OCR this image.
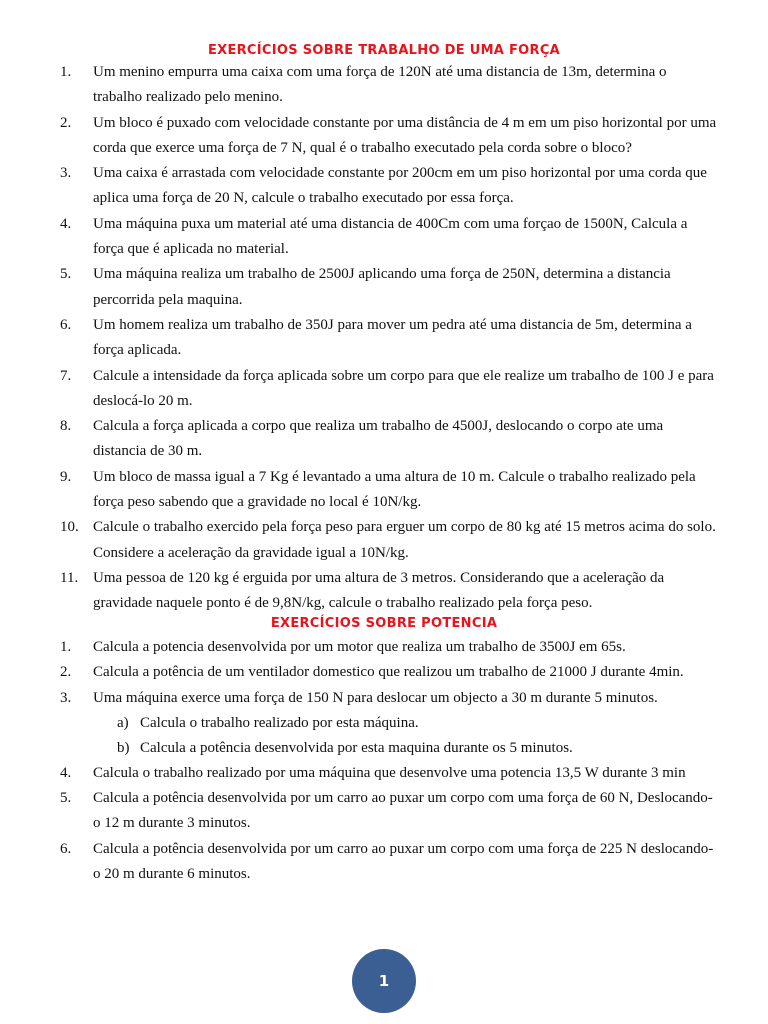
EXERCÍCIOS SOBRE TRABALHO DE UMA FORÇA
1.	Um menino empurra uma caixa com uma força de 120N até uma distancia de 13m, determina o trabalho realizado pelo menino.
2.	Um bloco é puxado com velocidade constante por uma distância de 4 m em um piso horizontal por uma corda que exerce uma força de 7 N, qual é o trabalho executado pela corda sobre o bloco?
3.	Uma caixa é arrastada com velocidade constante por 200cm em um piso horizontal por uma corda que aplica uma força de 20 N, calcule o trabalho executado por essa força.
4.	Uma máquina puxa um material até uma distancia de 400Cm com uma forçao de 1500N, Calcula a força que é aplicada no material.
5.	Uma máquina realiza um trabalho de 2500J aplicando uma força de 250N, determina a distancia percorrida pela maquina.
6.	Um homem realiza um trabalho de 350J para mover um pedra até uma distancia de 5m, determina a força aplicada.
7.	Calcule a intensidade da força aplicada sobre um corpo para que ele realize um trabalho de 100 J e para deslocá-lo 20 m.
8.	Calcula a força aplicada a corpo que realiza um trabalho de 4500J, deslocando o corpo ate uma distancia de 30 m.
9.	Um bloco de massa igual a 7 Kg é levantado a uma altura de 10 m. Calcule o trabalho realizado pela força peso sabendo que a gravidade no local é 10N/kg.
10. Calcule o trabalho exercido pela força peso para erguer um corpo de 80 kg até 15 metros acima do solo. Considere a aceleração da gravidade igual a 10N/kg.
11. Uma pessoa de 120 kg é erguida por uma altura de 3 metros. Considerando que a aceleração da gravidade naquele ponto é de 9,8N/kg, calcule o trabalho realizado pela força peso.
EXERCÍCIOS SOBRE POTENCIA
1.	Calcula a potencia desenvolvida por um motor que realiza um trabalho de 3500J em 65s.
2.	Calcula a potência de um ventilador domestico que realizou um trabalho de 21000 J durante 4min.
3.	Uma máquina exerce uma força de 150 N para deslocar um objecto a 30 m durante 5 minutos.
a) Calcula o trabalho realizado por esta máquina.
b) Calcula a potência desenvolvida por esta maquina durante os 5 minutos.
4.	Calcula o trabalho realizado por uma máquina que desenvolve uma potencia 13,5 W durante 3 min
5.	Calcula a potência desenvolvida por um carro ao puxar um corpo com uma força de 60 N, Deslocando-o 12 m durante 3 minutos.
6.	Calcula a potência desenvolvida por um carro ao puxar um corpo com uma força de 225 N deslocando-o 20 m durante 6 minutos.
1
